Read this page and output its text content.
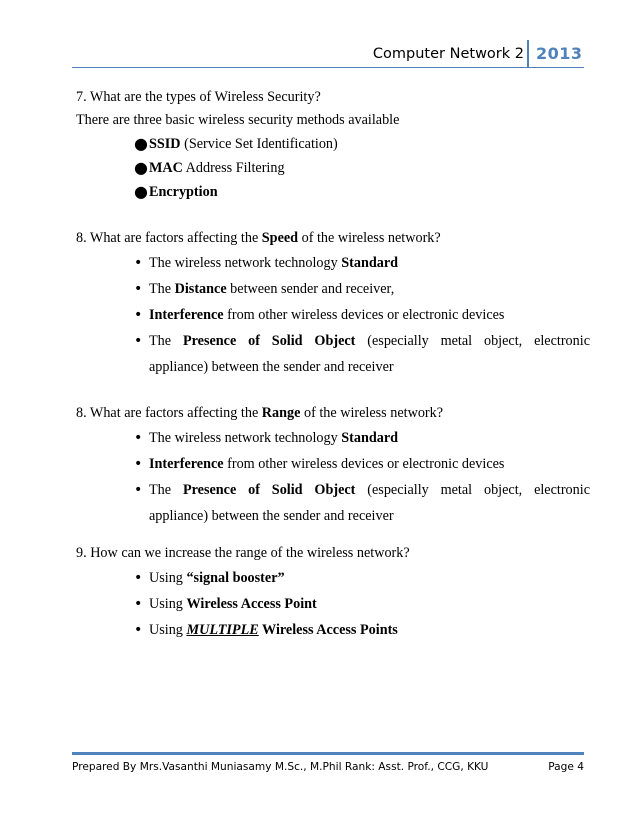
Computer Network 2 2013

7. What are the types of Wireless Security?

There are three basic wireless security methods available

● SSID (Service Set Identification)
● MAC Address Filtering
● Encryption

8. What are factors affecting the Speed of the wireless network?

• The wireless network technology Standard
• The Distance between sender and receiver,
• Interference from other wireless devices or electronic devices
• The Presence of Solid Object (especially metal object, electronic
appliance) between the sender and receiver

8. What are factors affecting the Range of the wireless network?

• The wireless network technology Standard
• Interference from other wireless devices or electronic devices
• The Presence of Solid Object (especially metal object, electronic
appliance) between the sender and receiver

9. How can we increase the range of the wireless network?

• Using “signal booster”
• Using Wireless Access Point
• Using MULTIPLE Wireless Access Points
Prepared By Mrs.Vasanthi Muniasamy M.Sc., M.Phil Rank: Asst. Prof., CCG, KKU	Page 4
